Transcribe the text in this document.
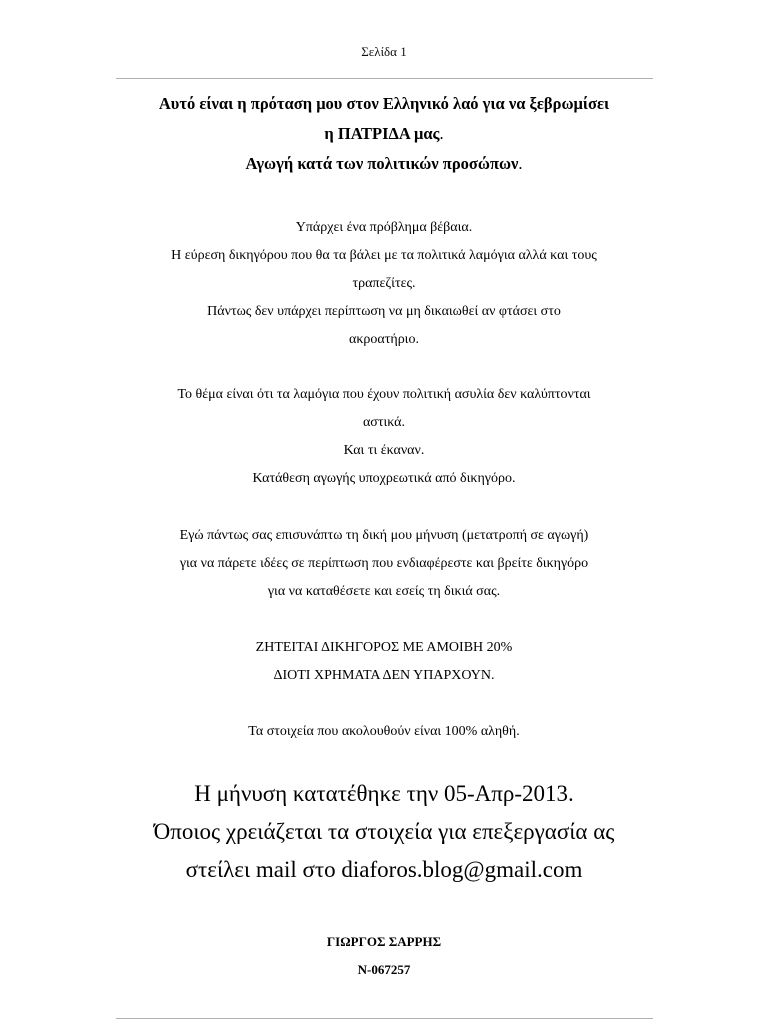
Σελίδα 1
Αυτό είναι η πρόταση μου στον Ελληνικό λαό για να ξεβρωμίσει
η ΠΑΤΡΙΔΑ μας.
Αγωγή κατά των πολιτικών προσώπων.
Υπάρχει ένα πρόβλημα βέβαια.
Η εύρεση δικηγόρου που θα τα βάλει με τα πολιτικά λαμόγια αλλά και τους
τραπεζίτες.
Πάντως δεν υπάρχει περίπτωση να μη δικαιωθεί αν φτάσει στο
ακροατήριο.
Το θέμα είναι ότι τα λαμόγια που έχουν πολιτική ασυλία δεν καλύπτονται
αστικά.
Και τι έκαναν.
Κατάθεση αγωγής υποχρεωτικά από δικηγόρο.
Εγώ πάντως σας επισυνάπτω τη δική μου μήνυση (μετατροπή σε αγωγή)
για να πάρετε ιδέες σε περίπτωση που ενδιαφέρεστε και βρείτε δικηγόρο
για να καταθέσετε και εσείς τη δικιά σας.
ΖΗΤΕΙΤΑΙ ΔΙΚΗΓΟΡΟΣ ΜΕ ΑΜΟΙΒΗ 20%
ΔΙΟΤΙ ΧΡΗΜΑΤΑ ΔΕΝ ΥΠΑΡΧΟΥΝ.
Τα στοιχεία που ακολουθούν είναι 100% αληθή.
Η μήνυση κατατέθηκε την 05-Απρ-2013.
Όποιος χρειάζεται τα στοιχεία για επεξεργασία ας
στείλει mail στο diaforos.blog@gmail.com
ΓΙΩΡΓΟΣ ΣΑΡΡΗΣ
Ν-067257
